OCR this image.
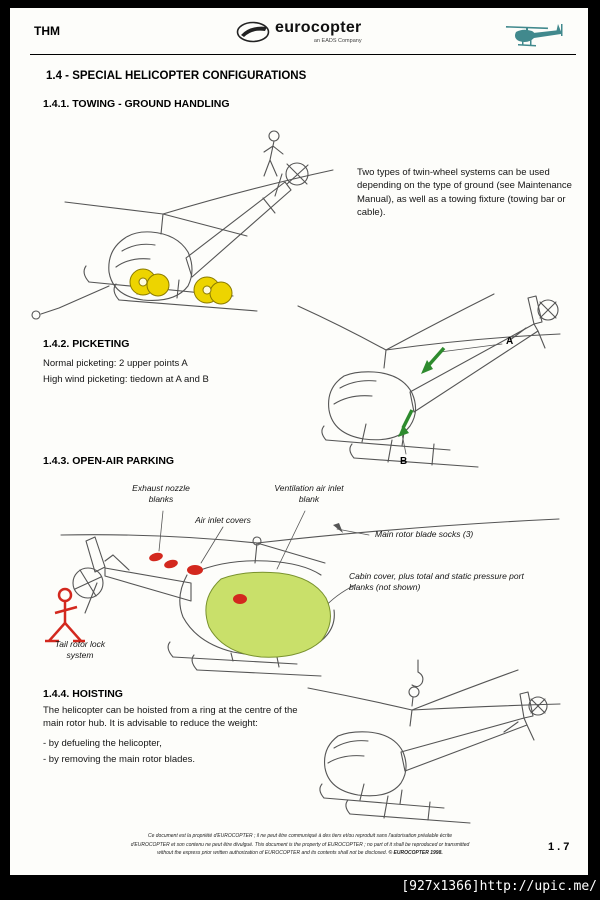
THM	eurocopter
an EADS Company
1.4 - SPECIAL HELICOPTER CONFIGURATIONS
1.4.1. TOWING - GROUND HANDLING
Two types of twin-wheel systems can be used depending on the type of ground (see Maintenance Manual), as well as a towing fixture (towing bar or cable).
1.4.2. PICKETING
Normal picketing: 2 upper points A
High wind picketing: tiedown at A and B
A
B
1.4.3. OPEN-AIR PARKING
Exhaust nozzle blanks
Air inlet covers
Ventilation air inlet blank
Main rotor blade socks (3)
Cabin cover, plus total and static pressure port blanks (not shown)
Tail rotor lock system
1.4.4. HOISTING
The helicopter can be hoisted from a ring at the centre of the main rotor hub. It is advisable to reduce the weight:
- by defueling the helicopter,
- by removing the main rotor blades.
Ce document est la propriété d'EUROCOPTER ; il ne peut être communiqué à des tiers et/ou reproduit sans l'autorisation préalable écrite
d'EUROCOPTER et son contenu ne peut être divulgué. This document is the property of EUROCOPTER ; no part of it shall be reproduced or transmitted
without the express prior written authorization of EUROCOPTER and its contents shall not be disclosed. © EUROCOPTER 1998.	1 . 7
[927x1366]http://upic.me/
